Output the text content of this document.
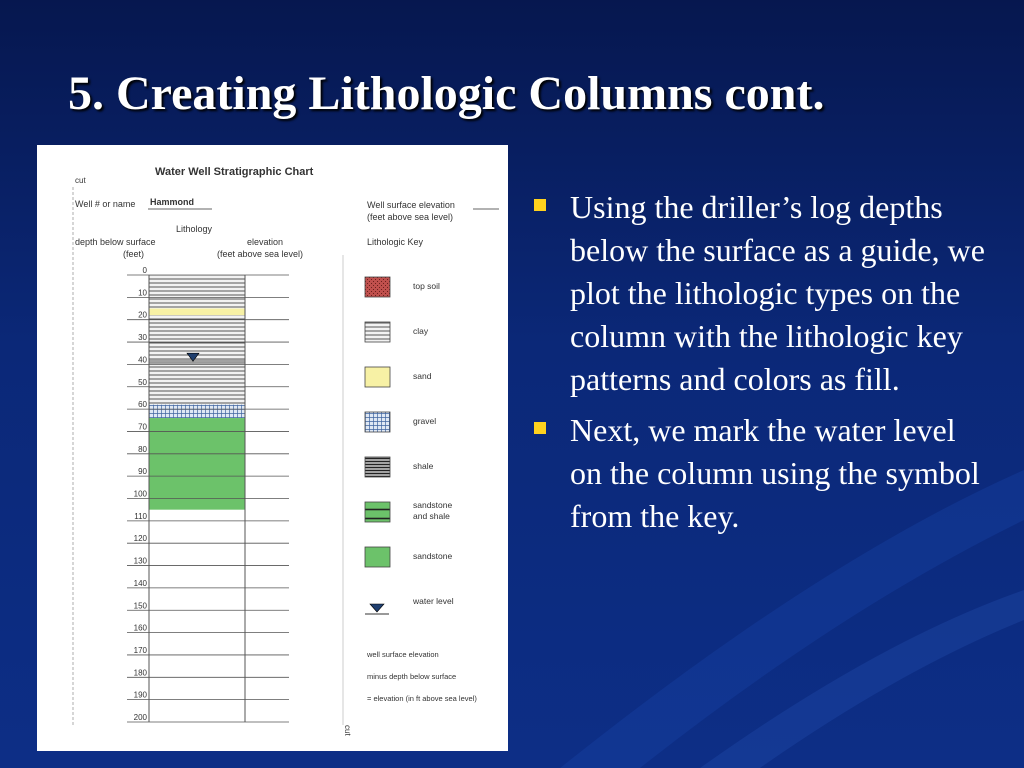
5. Creating Lithologic Columns cont.
Water Well Stratigraphic Chart
cut
Well # or name Hammond
Lithology
depth below surface
(feet)
elevation
(feet above sea level)
Well surface elevation
(feet above sea level)
Lithologic Key
cut
0
10
20
30
40
50
60
70
80
90
100
110
120
130
140
150
160
170
180
190
200
top soil
clay
sand
gravel
shale
sandstone
and shale
sandstone
water level
well surface elevation
minus depth below surface
= elevation (in ft above sea level)
Using the driller’s log depths below the surface as a guide, we plot the lithologic types on the column with the lithologic key patterns and colors as fill.
Next, we mark the water level on the column using the symbol from the key.
